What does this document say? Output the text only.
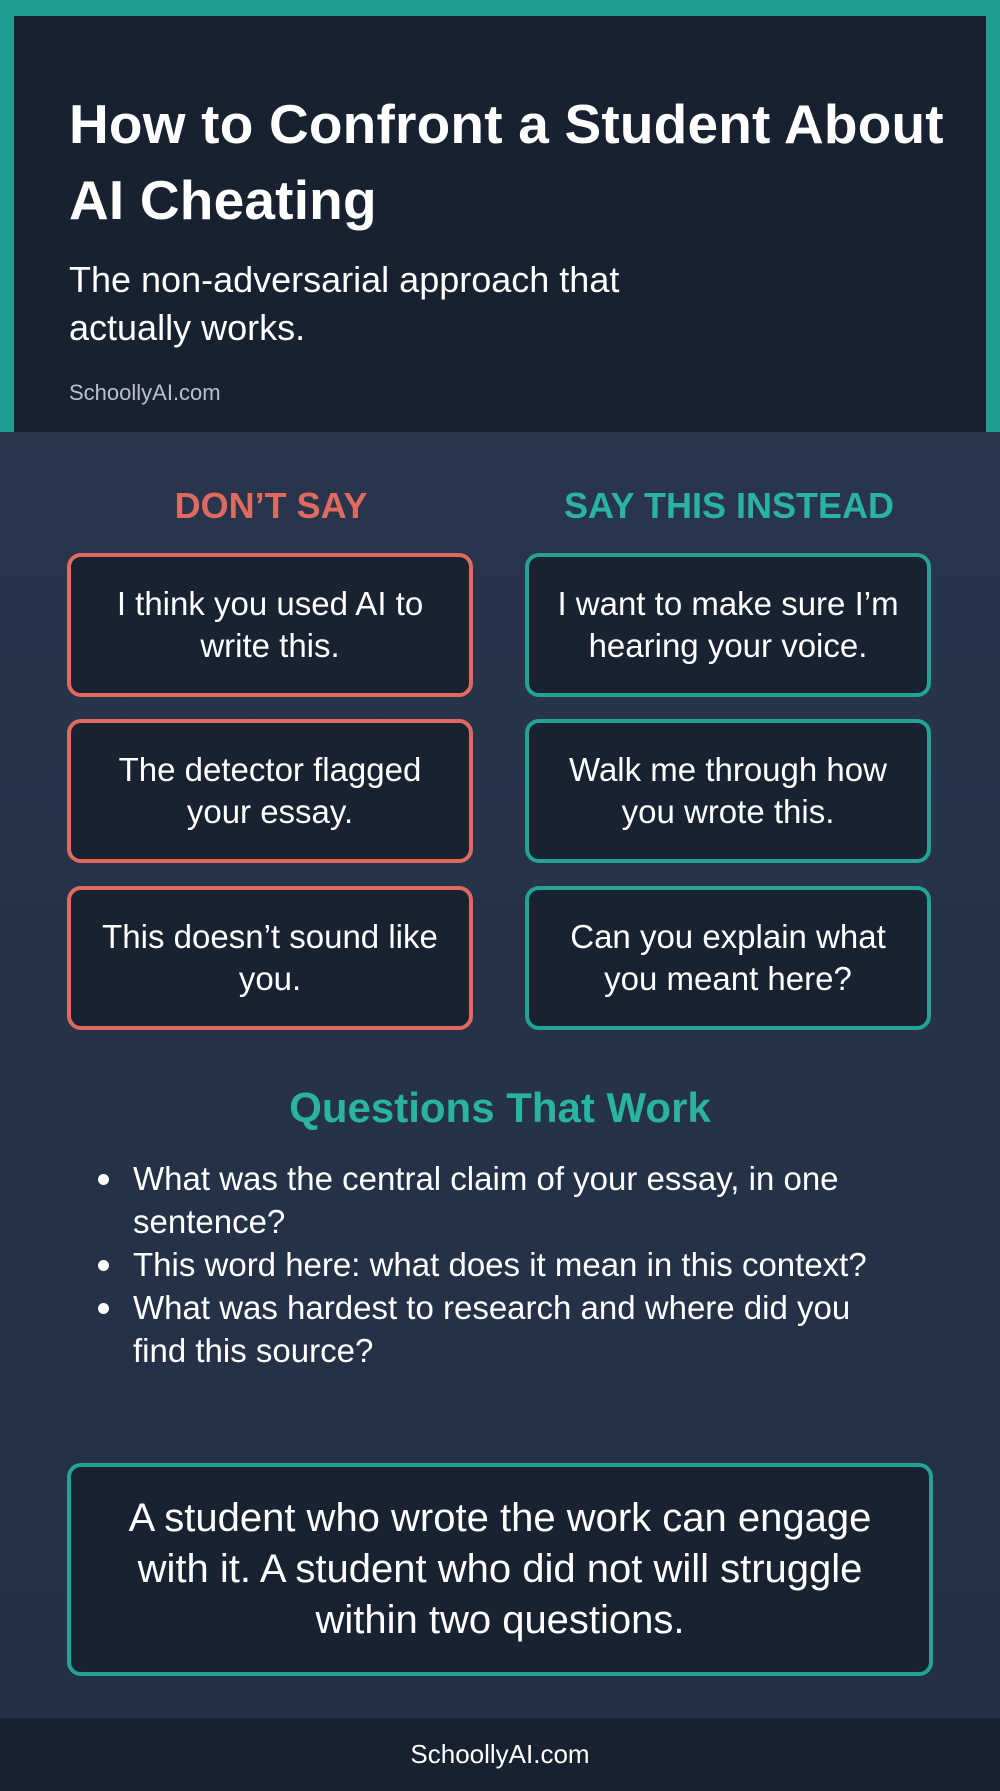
How to Confront a Student About AI Cheating

The non-adversarial approach that actually works.

SchoollyAI.com

DON’T SAY	SAY THIS INSTEAD
I think you used AI to write this.
I want to make sure I’m hearing your voice.
The detector flagged your essay.
Walk me through how you wrote this.
This doesn’t sound like you.
Can you explain what you meant here?
Questions That Work
What was the central claim of your essay, in one sentence?
This word here: what does it mean in this context?
What was hardest to research and where did you find this source?
A student who wrote the work can engage with it. A student who did not will struggle within two questions.
SchoollyAI.com
